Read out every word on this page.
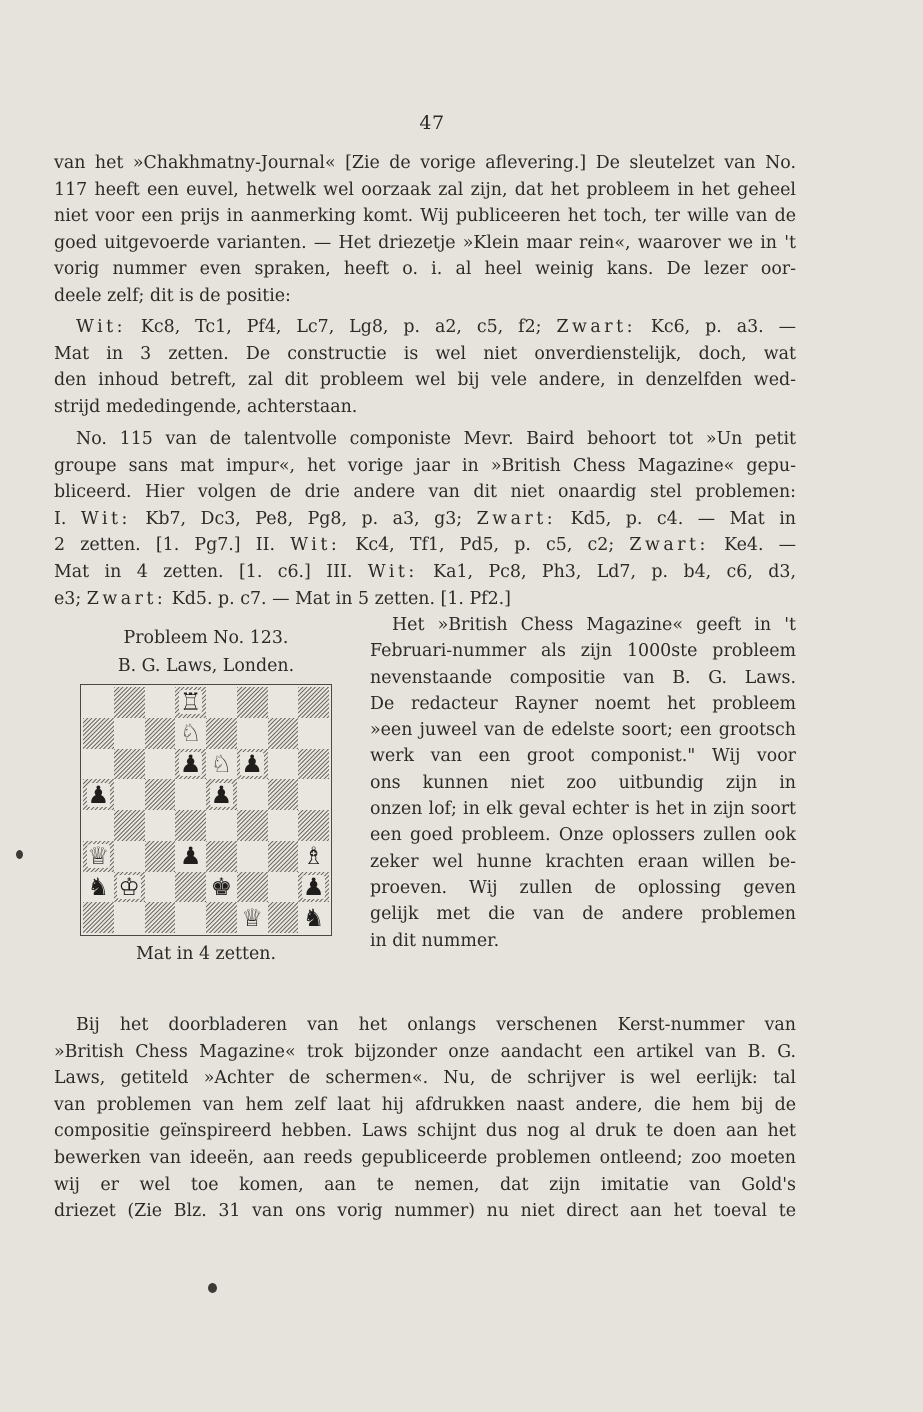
47
van het »Chakhmatny-Journal« [Zie de vorige aflevering.] De sleutelzet van No.
117 heeft een euvel, hetwelk wel oorzaak zal zijn, dat het probleem in het geheel
niet voor een prijs in aanmerking komt. Wij publiceeren het toch, ter wille van de
goed uitgevoerde varianten. — Het driezetje »Klein maar rein«, waarover we in 't
vorig nummer even spraken, heeft o. i. al heel weinig kans. De lezer oor-
deele zelf; dit is de positie:
Wit: Kc8, Tc1, Pf4, Lc7, Lg8, p. a2, c5, f2; Zwart: Kc6, p. a3. —
Mat in 3 zetten. De constructie is wel niet onverdienstelijk, doch, wat
den inhoud betreft, zal dit probleem wel bij vele andere, in denzelfden wed-
strijd mededingende, achterstaan.
No. 115 van de talentvolle componiste Mevr. Baird behoort tot »Un petit
groupe sans mat impur«, het vorige jaar in »British Chess Magazine« gepu-
bliceerd. Hier volgen de drie andere van dit niet onaardig stel problemen:
I. Wit: Kb7, Dc3, Pe8, Pg8, p. a3, g3; Zwart: Kd5, p. c4. — Mat in
2 zetten. [1. Pg7.] II. Wit: Kc4, Tf1, Pd5, p. c5, c2; Zwart: Ke4. —
Mat in 4 zetten. [1. c6.] III. Wit: Ka1, Pc8, Ph3, Ld7, p. b4, c6, d3,
e3; Zwart: Kd5. p. c7. — Mat in 5 zetten. [1. Pf2.]
Probleem No. 123.
B. G. Laws, Londen.
♖
♘
♟ ♘ ♟
♟	♟
♕	♟	♗
♞ ♔	♚	♟
♕ ♞
Mat in 4 zetten.
Het »British Chess Magazine« geeft in 't
Februari-nummer als zijn 1000ste probleem
nevenstaande compositie van B. G. Laws.
De redacteur Rayner noemt het probleem
»een juweel van de edelste soort; een grootsch
werk van een groot componist." Wij voor
ons kunnen niet zoo uitbundig zijn in
onzen lof; in elk geval echter is het in zijn soort
een goed probleem. Onze oplossers zullen ook
zeker wel hunne krachten eraan willen be-
proeven. Wij zullen de oplossing geven
gelijk met die van de andere problemen
in dit nummer.
Bij het doorbladeren van het onlangs verschenen Kerst-nummer van
»British Chess Magazine« trok bijzonder onze aandacht een artikel van B. G.
Laws, getiteld »Achter de schermen«. Nu, de schrijver is wel eerlijk: tal
van problemen van hem zelf laat hij afdrukken naast andere, die hem bij de
compositie geïnspireerd hebben. Laws schijnt dus nog al druk te doen aan het
bewerken van ideeën, aan reeds gepubliceerde problemen ontleend; zoo moeten
wij er wel toe komen, aan te nemen, dat zijn imitatie van Gold's
driezet (Zie Blz. 31 van ons vorig nummer) nu niet direct aan het toeval te
